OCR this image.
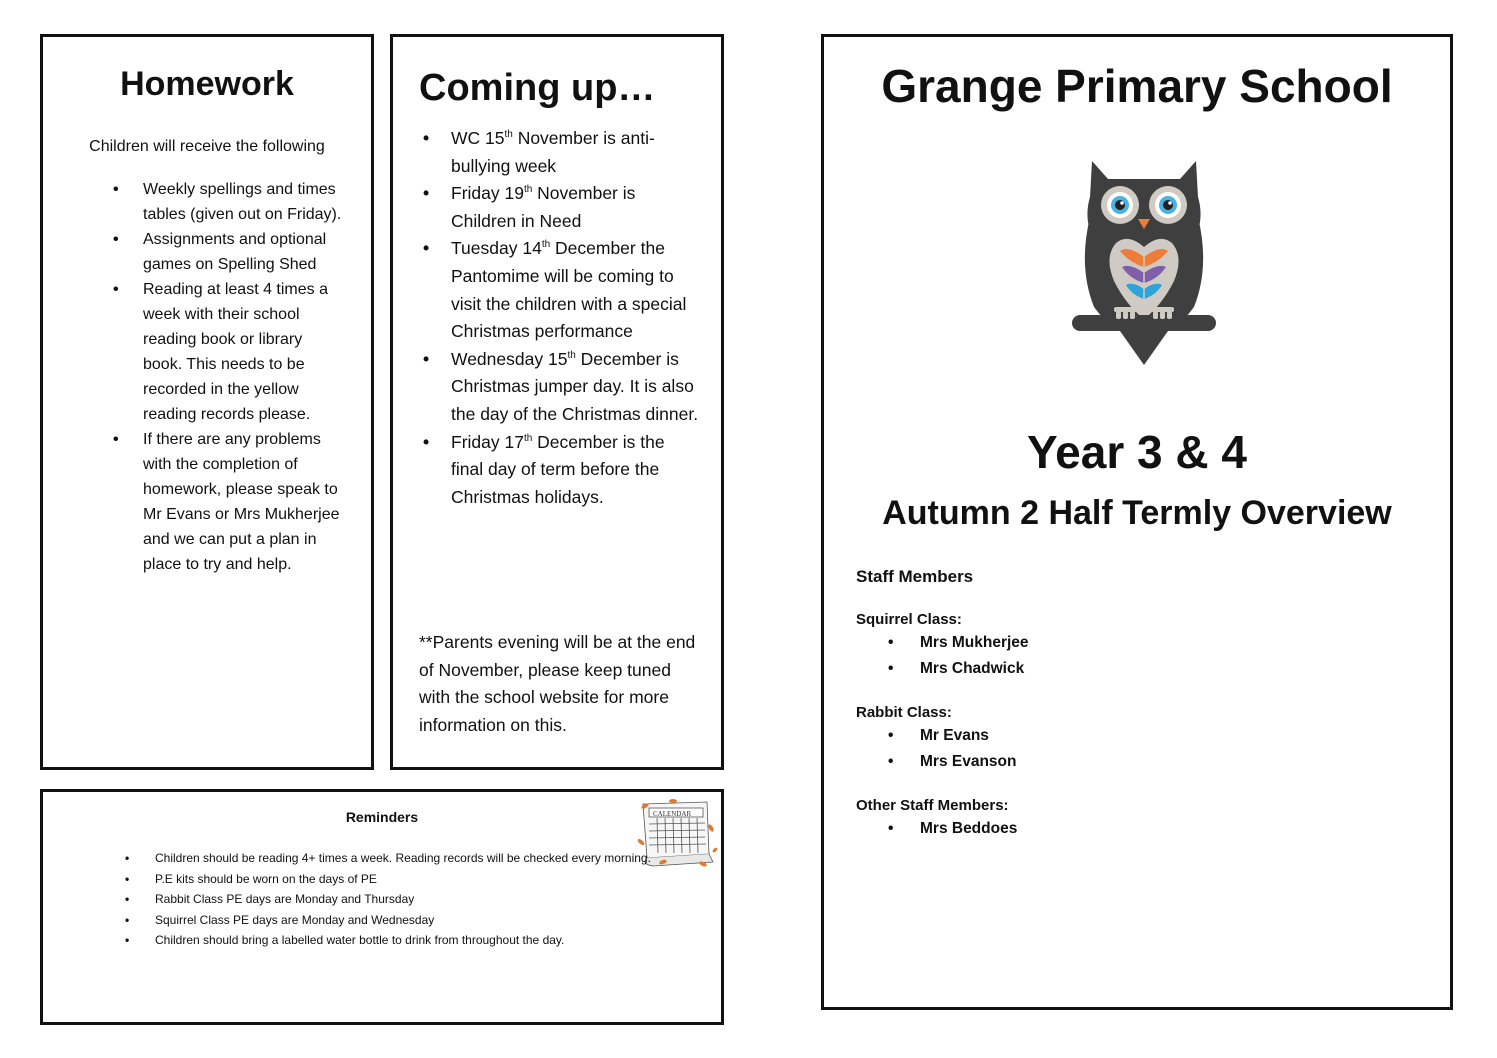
Homework
Children will receive the following
• Weekly spellings and times tables (given out on Friday).
• Assignments and optional games on Spelling Shed
• Reading at least 4 times a week with their school reading book or library book. This needs to be recorded in the yellow reading records please.
• If there are any problems with the completion of homework, please speak to Mr Evans or Mrs Mukherjee and we can put a plan in place to try and help.
Coming up…
• WC 15th November is anti-bullying week
• Friday 19th November is Children in Need
• Tuesday 14th December the Pantomime will be coming to visit the children with a special Christmas performance
• Wednesday 15th December is Christmas jumper day. It is also the day of the Christmas dinner.
• Friday 17th December is the final day of term before the Christmas holidays.
**Parents evening will be at the end of November, please keep tuned with the school website for more information on this.
Reminders	CALENDAR
• Children should be reading 4+ times a week. Reading records will be checked every morning.
• P.E kits should be worn on the days of PE
• Rabbit Class PE days are Monday and Thursday
• Squirrel Class PE days are Monday and Wednesday
• Children should bring a labelled water bottle to drink from throughout the day.
Grange Primary School
Year 3 & 4
Autumn 2 Half Termly Overview
Staff Members
Squirrel Class:
• Mrs Mukherjee
• Mrs Chadwick
Rabbit Class:
• Mr Evans
• Mrs Evanson
Other Staff Members:
• Mrs Beddoes
